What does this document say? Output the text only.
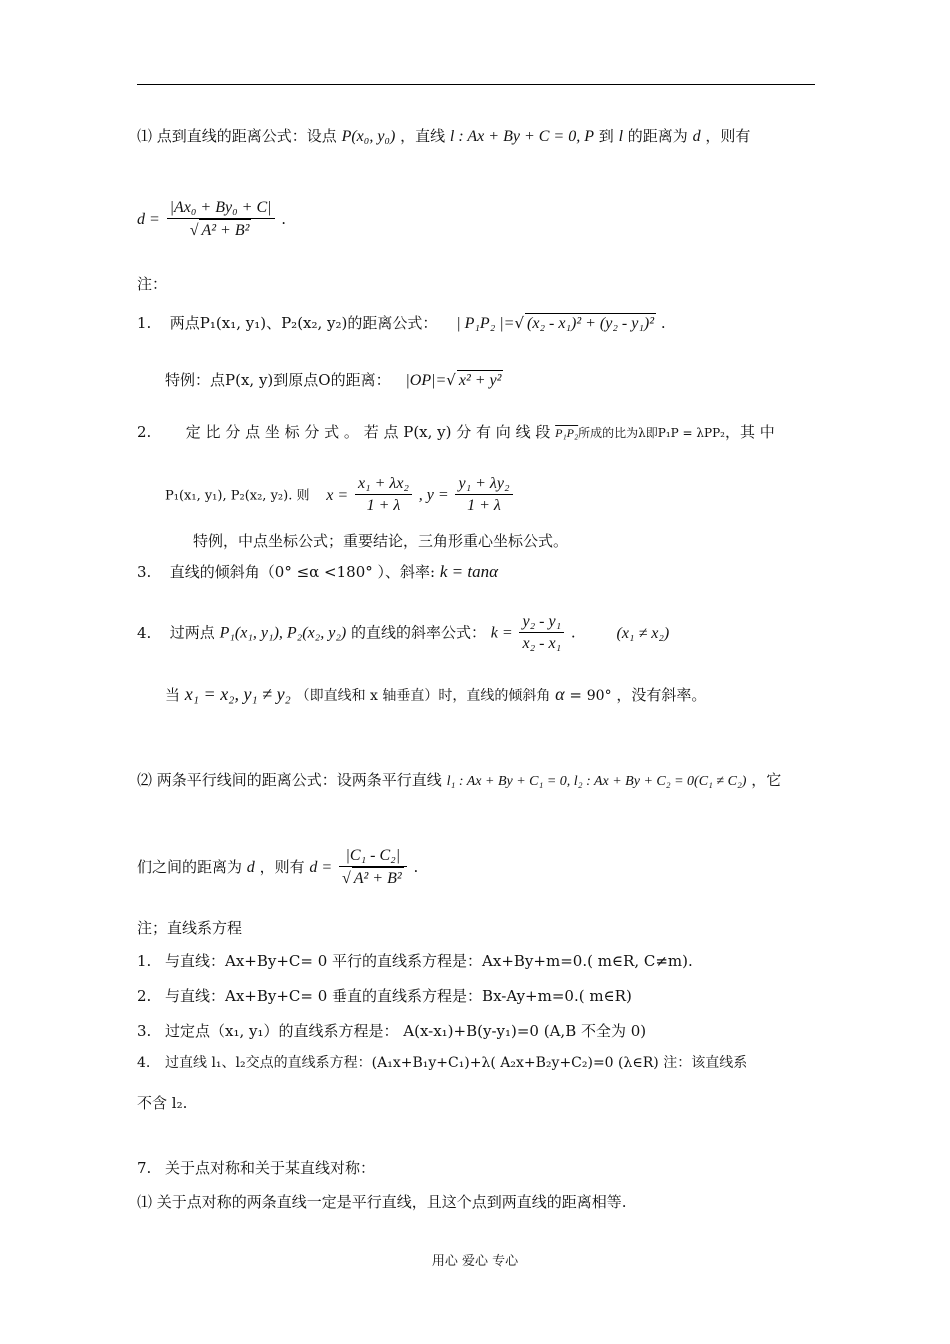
⑴ 点到直线的距离公式：设点 P(x₀, y₀) ，直线 l : Ax + By + C = 0, P 到 l 的距离为 d ，则有
$d = \frac{\text{|Ax₀ + By₀ + C|}}{\text{√ A² + B²}}$ .
注：
1. 两点P₁(x₁, y₁)、P₂(x₂, y₂)的距离公式： | P₁P₂ |=√ (x₂ - x₁)² + (y₂ - y₁)² .
特例：点P(x, y)到原点O的距离： |OP|=√ x² + y²
2. 定 比 分 点 坐 标 分 式 。 若 点 P(x, y) 分 有 向 线 段 P₁P₂所成的比为λ即P₁P = λPP₂，其 中
P₁(x₁, y₁), P₂(x₂, y₂). 则 $x = \frac{\text{x₁ + λx₂}}{1 + \lambda}$ , $y = \frac{\text{y₁ + λy₂}}{1 + \lambda}$
特例，中点坐标公式；重要结论，三角形重心坐标公式。
3. 直线的倾斜角（0° ≤α <180° ）、斜率: k = tanα
4. 过两点 P₁(x₁, y₁), P₂(x₂, y₂) 的直线的斜率公式： $k = \frac{\text{y₂ - y₁}}{\text{x₂ - x₁}}$ .	(x₁ ≠ x₂)
当 x₁ = x₂, y₁ ≠ y₂ （即直线和 x 轴垂直）时，直线的倾斜角 α = 90° ，没有斜率。
⑵ 两条平行线间的距离公式：设两条平行直线 l₁ : Ax + By + C₁ = 0, l₂ : Ax + By + C₂ = 0(C₁ ≠ C₂) ，它
们之间的距离为 d ，则有 $d = \frac{\text{|C₁ - C₂|}}{\text{√ A² + B²}}$ .
注；直线系方程
1. 与直线：Ax+By+C= 0 平行的直线系方程是：Ax+By+m=0.( m∈R, C≠m).
2. 与直线：Ax+By+C= 0 垂直的直线系方程是：Bx-Ay+m=0.( m∈R)
3. 过定点（x₁, y₁）的直线系方程是： A(x-x₁)+B(y-y₁)=0 (A,B 不全为 0)
4. 过直线 l₁、l₂交点的直线系方程：(A₁x+B₁y+C₁)+λ( A₂x+B₂y+C₂)=0 (λ∈R) 注：该直线系
不含 l₂.
7. 关于点对称和关于某直线对称：
⑴ 关于点对称的两条直线一定是平行直线，且这个点到两直线的距离相等.
用心 爱心 专心
